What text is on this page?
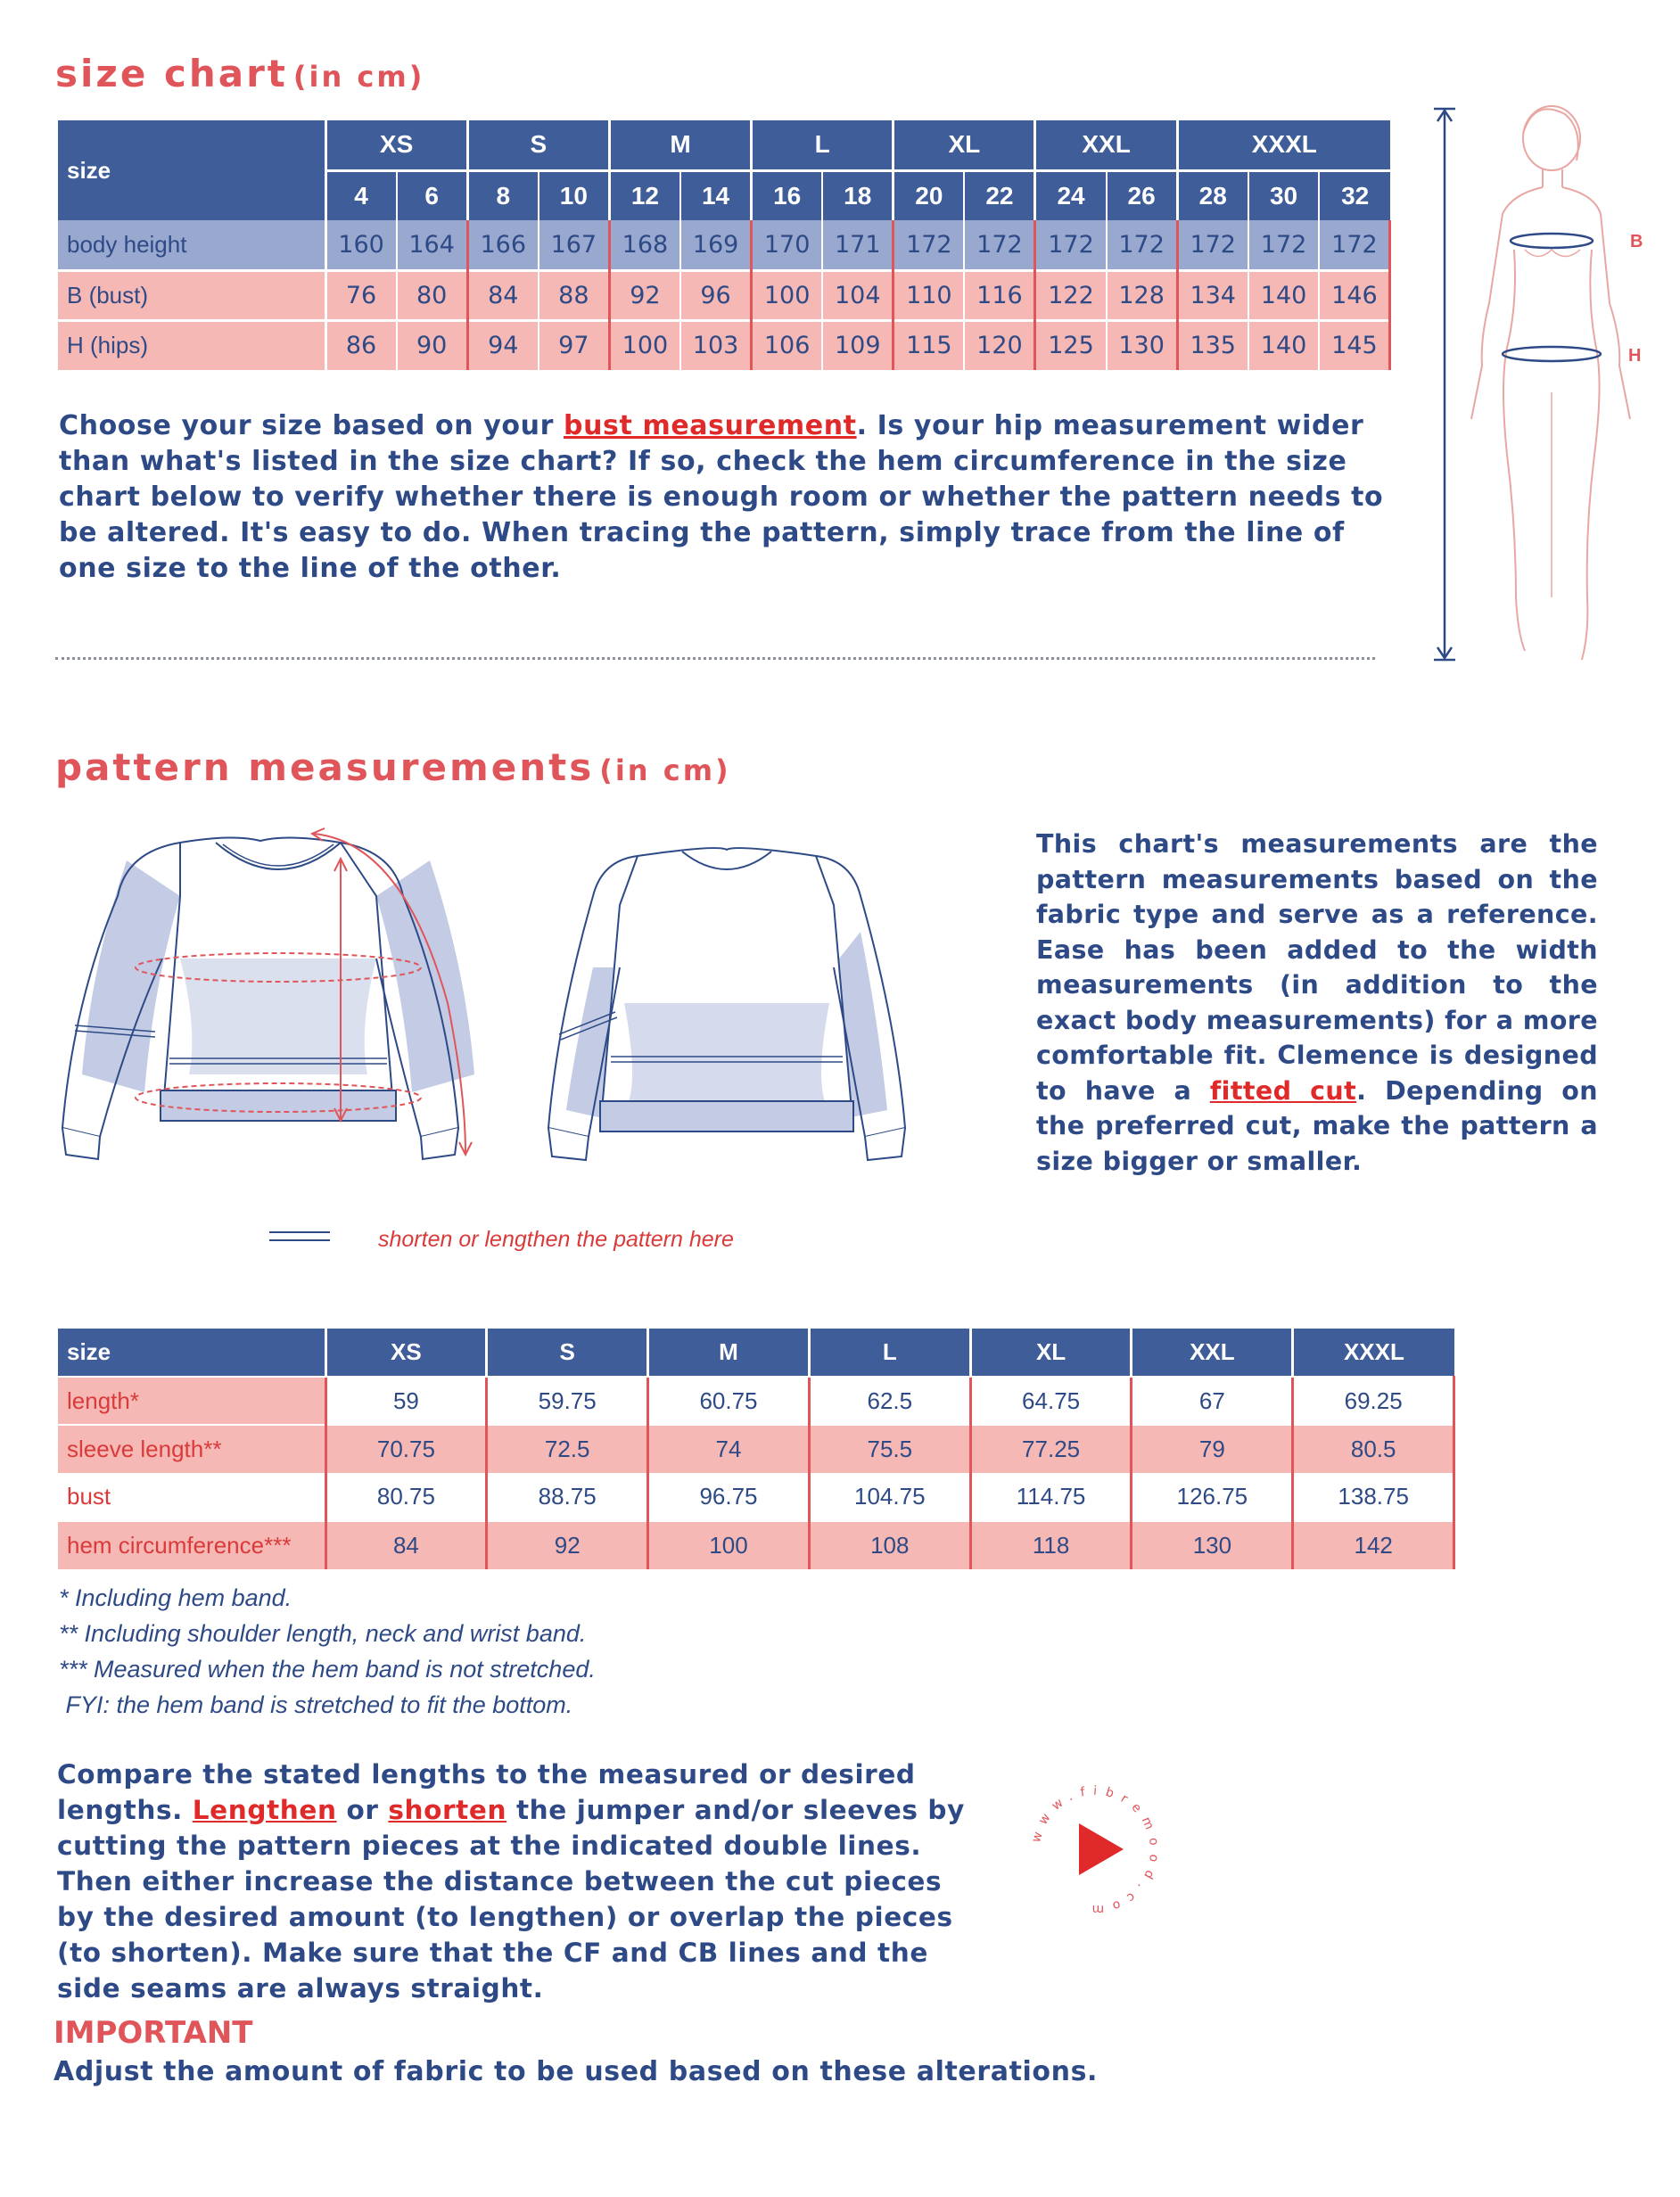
size chart (in cm)
size	XS		S		M		L		XL		XXL		XXXL		
	4	6	8	10	12	14	16	18	20	22	24	26	28	30	32
body height	160	164	166	167	168	169	170	171	172	172	172	172	172	172	172
B (bust)	76	80	84	88	92	96	100	104	110	116	122	128	134	140	146
H (hips)	86	90	94	97	100	103	106	109	115	120	125	130	135	140	145
Choose your size based on your bust measurement. Is your hip measurement wider than what's listed in the size chart? If so, check the hem circumference in the size chart below to verify whether there is enough room or whether the pattern needs to be altered. It's easy to do. When tracing the pattern, simply trace from the line of one size to the line of the other.
B
H
pattern measurements (in cm)
This chart's measurements are the pattern measurements based on the fabric type and serve as a reference. Ease has been added to the width measurements (in addition to the exact body measurements) for a more comfortable fit. Clemence is designed to have a fitted cut. Depending on the preferred cut, make the pattern a size bigger or smaller.
shorten or lengthen the pattern here
size	XS	S	M	L	XL	XXL	XXXL
length*	59	59.75	60.75	62.5	64.75	67	69.25
sleeve length**	70.75	72.5	74	75.5	77.25	79	80.5
bust	80.75	88.75	96.75	104.75	114.75	126.75	138.75
hem circumference***	84	92	100	108	118	130	142
* Including hem band.
** Including shoulder length, neck and wrist band.
*** Measured when the hem band is not stretched.
FYI: the hem band is stretched to fit the bottom.
Compare the stated lengths to the measured or desired lengths. Lengthen or shorten the jumper and/or sleeves by cutting the pattern pieces at the indicated double lines. Then either increase the distance between the cut pieces by the desired amount (to lengthen) or overlap the pieces (to shorten). Make sure that the CF and CB lines and the side seams are always straight.
www.fibremood.com
IMPORTANT
Adjust the amount of fabric to be used based on these alterations.
